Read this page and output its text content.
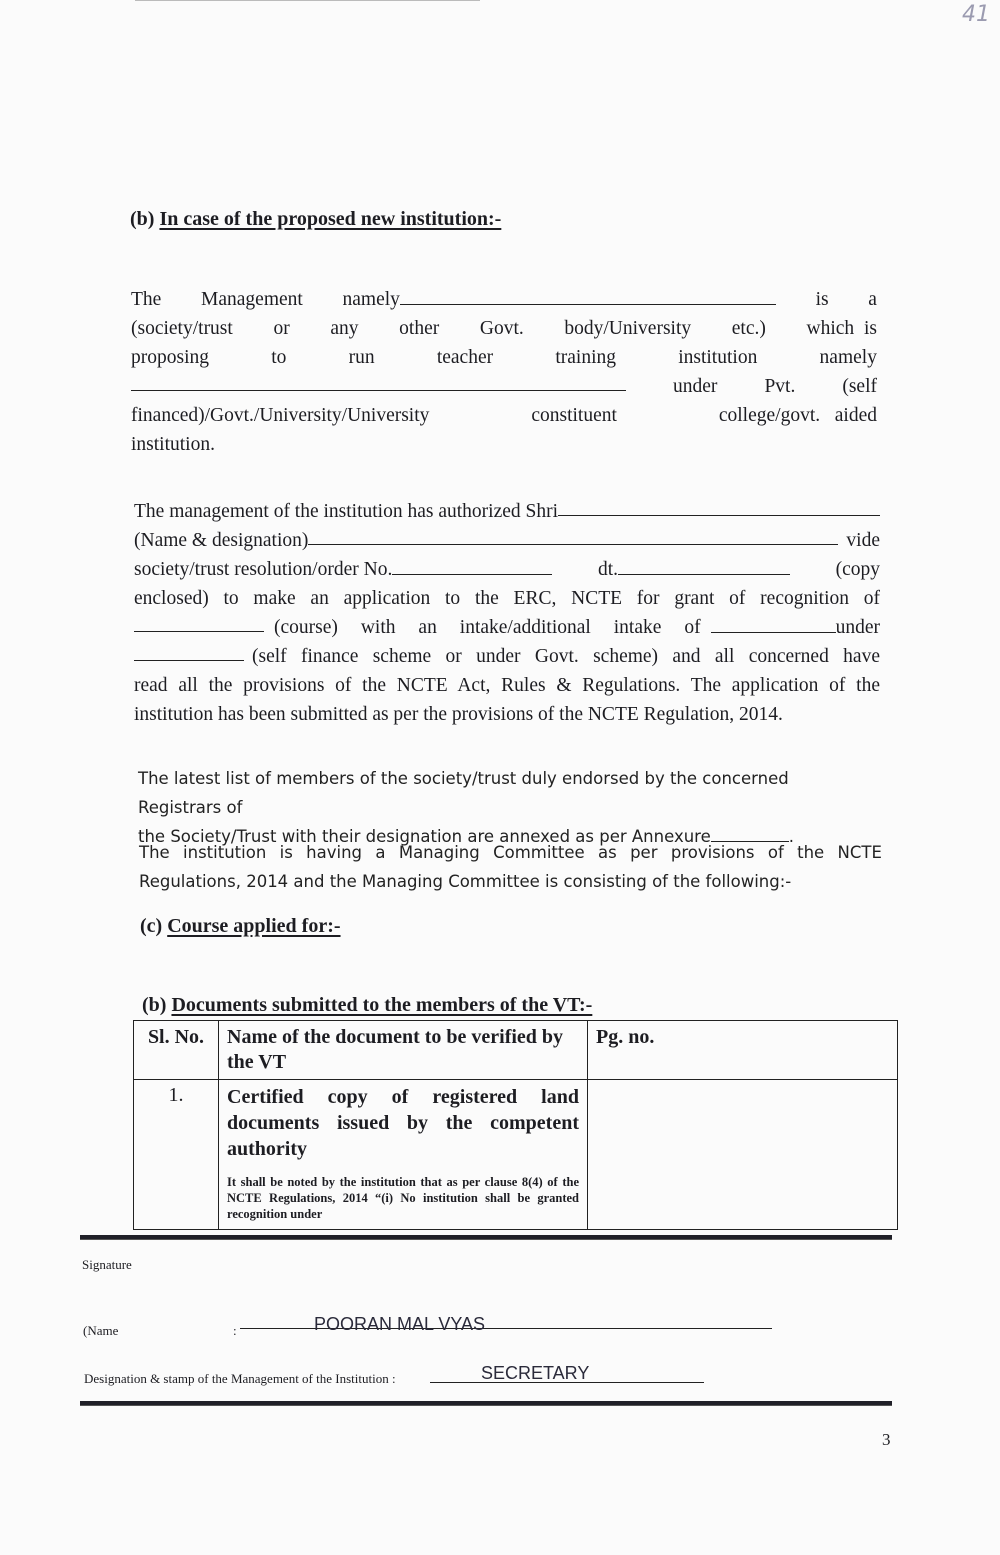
41
(b) In case of the proposed new institution:-
The Management namely	is a
(society/trust or any other Govt. body/University etc.) which is
proposing	to	run	teacher	training	institution	namely
under Pvt. (self
financed)/Govt./University/University	constituent	college/govt. aided
institution.
The management of the institution has authorized Shri
(Name & designation)	vide
society/trust resolution/order No.	dt.	(copy
enclosed) to make an application to the ERC, NCTE for grant of recognition of
(course) with an intake/additional intake of	under
(self finance scheme or under Govt. scheme) and all concerned have
read all the provisions of the NCTE Act, Rules & Regulations. The application of the
institution has been submitted as per the provisions of the NCTE Regulation, 2014.
The latest list of members of the society/trust duly endorsed by the concerned Registrars of
the Society/Trust with their designation are annexed as per Annexure	.
The institution is having a Managing Committee as per provisions of the NCTE
Regulations, 2014 and the Managing Committee is consisting of the following:-
(c) Course applied for:-
(b) Documents submitted to the members of the VT:-
Sl. No.	Name of the document to be verified by the VT	Pg. no.
1.	Certified copy of registered land documents issued by the competent authority
It shall be noted by the institution that as per clause 8(4) of the NCTE Regulations, 2014 “(i) No institution shall be granted recognition under	

Signature
(Name	:	POORAN MAL VYAS
Designation & stamp of the Management of the Institution :	SECRETARY
3
